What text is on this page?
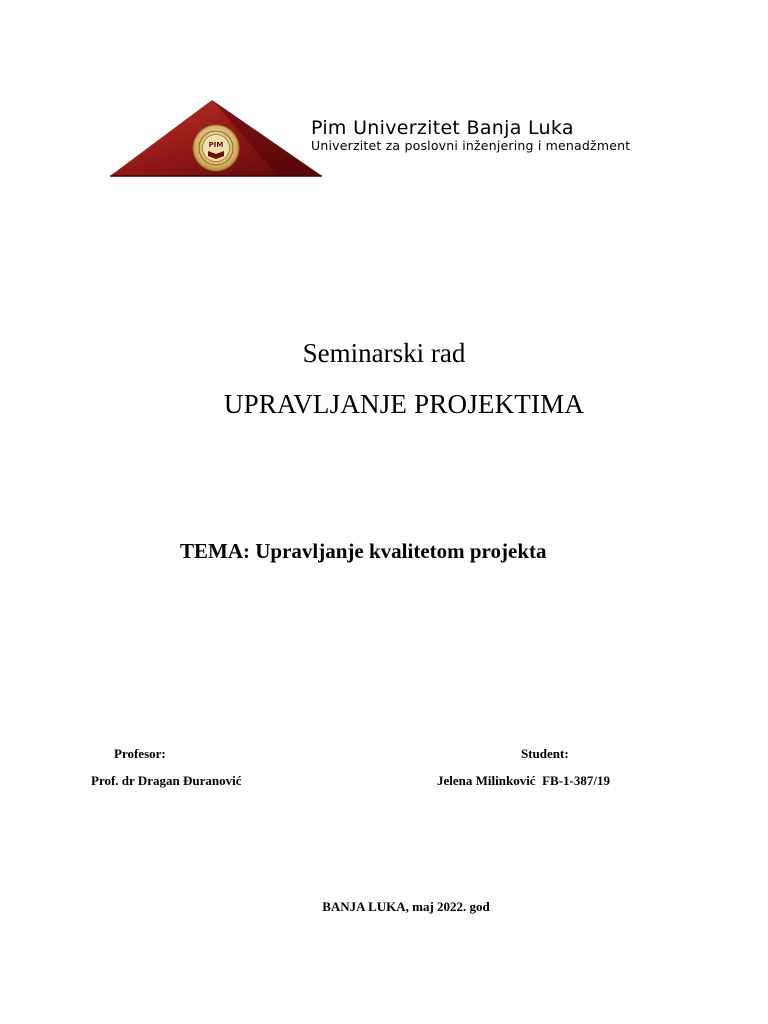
PIM
Pim Univerzitet Banja Luka
Univerzitet za poslovni inženjering i menadžment
Seminarski rad
UPRAVLJANJE PROJEKTIMA
TEMA: Upravljanje kvalitetom projekta
Profesor:
Prof. dr Dragan Đuranović
Student:
Jelena Milinković  FB-1-387/19
BANJA LUKA, maj 2022. god
